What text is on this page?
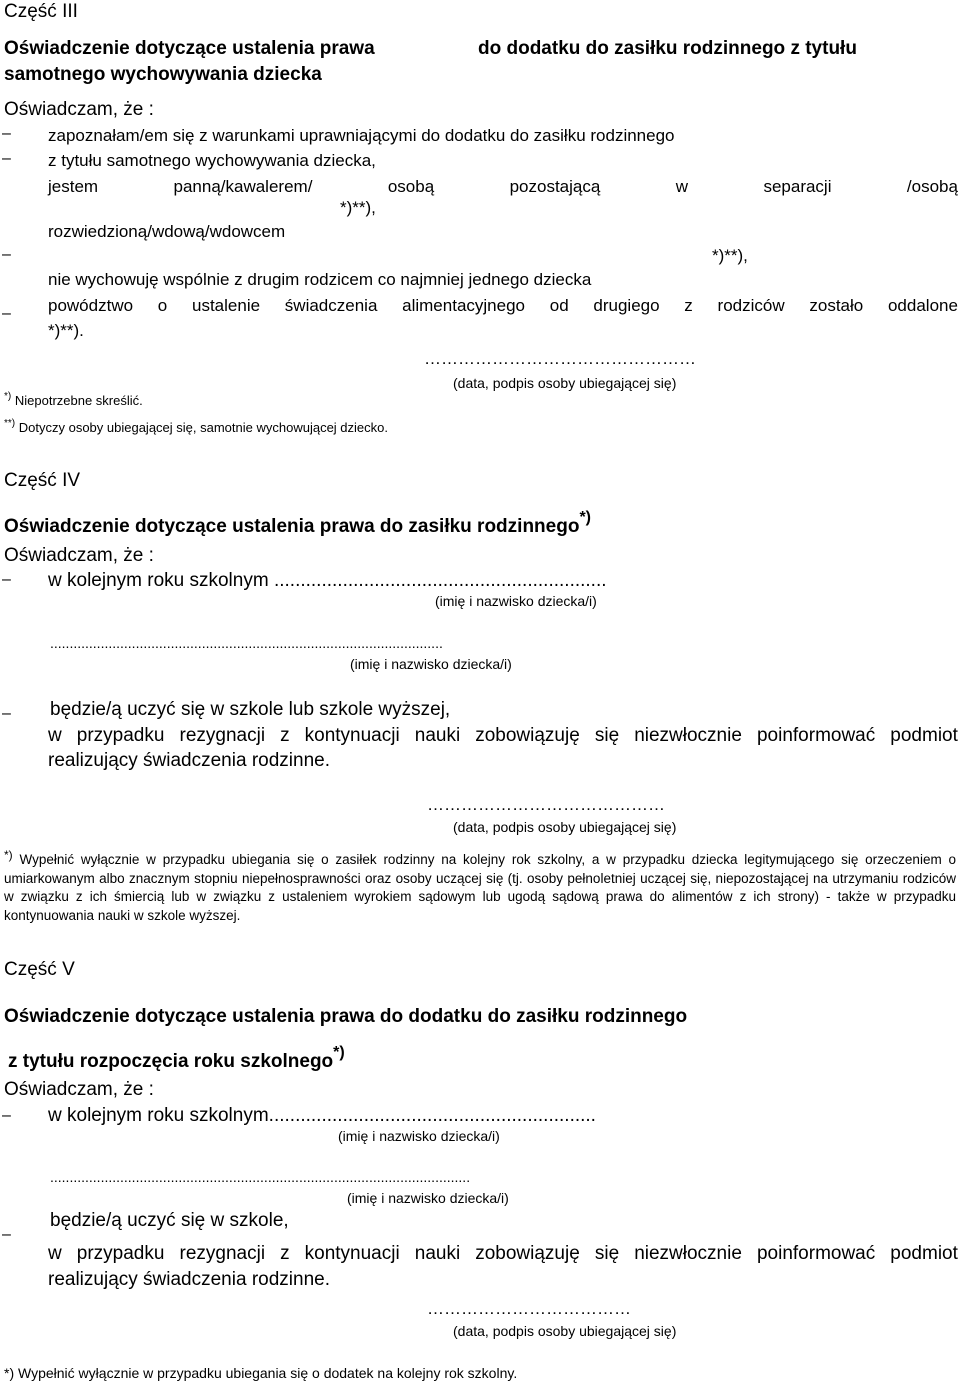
Część III
Oświadczenie dotyczące ustalenia prawa	do dodatku do zasiłku rodzinnego z tytułu
samotnego wychowywania dziecka
Oświadczam, że :
– zapoznałam/em się z warunkami uprawniającymi do dodatku do zasiłku rodzinnego
– z tytułu samotnego wychowywania dziecka,
jestem	panną/kawalerem/	osobą	pozostającą	w	separacji	/osobą
*)**),
rozwiedzioną/wdową/wdowcem
–	*)**),
nie wychowuję wspólnie z drugim rodzicem co najmniej jednego dziecka
– powództwo o ustalenie świadczenia alimentacyjnego od drugiego z rodziców zostało oddalone
*)**).
…………………………………………
(data, podpis osoby ubiegającej się)
*) Niepotrzebne skreślić.
**) Dotyczy osoby ubiegającej się, samotnie wychowującej dziecko.
Część IV
Oświadczenie dotyczące ustalenia prawa do zasiłku rodzinnego*)
Oświadczam, że :
– w kolejnym roku szkolnym ...............................................................
(imię i nazwisko dziecka/i)
.....................................................................................................
(imię i nazwisko dziecka/i)
– będzie/ą uczyć się w szkole lub szkole wyższej,
w przypadku rezygnacji z kontynuacji nauki zobowiązuję się niezwłocznie poinformować podmiot
realizujący świadczenia rodzinne.
……………………………………
(data, podpis osoby ubiegającej się)
*) Wypełnić wyłącznie w przypadku ubiegania się o zasiłek rodzinny na kolejny rok szkolny, a w przypadku dziecka legitymującego się orzeczeniem o umiarkowanym albo znacznym stopniu niepełnosprawności oraz osoby uczącej się (tj. osoby pełnoletniej uczącej się, niepozostającej na utrzymaniu rodziców w związku z ich śmiercią lub w związku z ustaleniem wyrokiem sądowym lub ugodą sądową prawa do alimentów z ich strony) - także w przypadku kontynuowania nauki w szkole wyższej.
Część V
Oświadczenie dotyczące ustalenia prawa do dodatku do zasiłku rodzinnego
z tytułu rozpoczęcia roku szkolnego*)
Oświadczam, że :
– w kolejnym roku szkolnym..............................................................
(imię i nazwisko dziecka/i)
............................................................................................................
(imię i nazwisko dziecka/i)
będzie/ą uczyć się w szkole,
–
w przypadku rezygnacji z kontynuacji nauki zobowiązuję się niezwłocznie poinformować podmiot
realizujący świadczenia rodzinne.
………………………………
(data, podpis osoby ubiegającej się)
*) Wypełnić wyłącznie w przypadku ubiegania się o dodatek na kolejny rok szkolny.
